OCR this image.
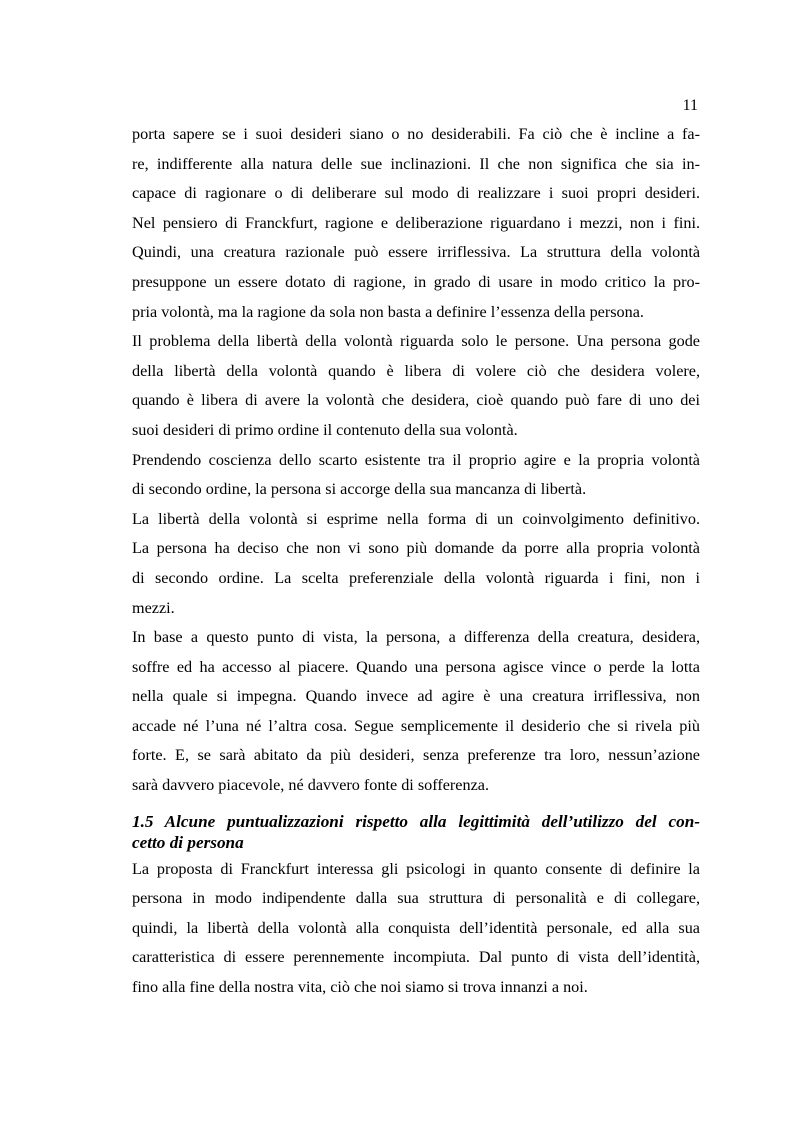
11

porta sapere se i suoi desideri siano o no desiderabili. Fa ciò che è incline a fa-
re, indifferente alla natura delle sue inclinazioni. Il che non significa che sia in-
capace di ragionare o di deliberare sul modo di realizzare i suoi propri desideri.
Nel pensiero di Franckfurt, ragione e deliberazione riguardano i mezzi, non i fini.
Quindi, una creatura razionale può essere irriflessiva. La struttura della volontà
presuppone un essere dotato di ragione, in grado di usare in modo critico la pro-
pria volontà, ma la ragione da sola non basta a definire l’essenza della persona.

Il problema della libertà della volontà riguarda solo le persone. Una persona gode
della libertà della volontà quando è libera di volere ciò che desidera volere,
quando è libera di avere la volontà che desidera, cioè quando può fare di uno dei
suoi desideri di primo ordine il contenuto della sua volontà.

Prendendo coscienza dello scarto esistente tra il proprio agire e la propria volontà
di secondo ordine, la persona si accorge della sua mancanza di libertà.

La libertà della volontà si esprime nella forma di un coinvolgimento definitivo.
La persona ha deciso che non vi sono più domande da porre alla propria volontà
di secondo ordine. La scelta preferenziale della volontà riguarda i fini, non i
mezzi.

In base a questo punto di vista, la persona, a differenza della creatura, desidera,
soffre ed ha accesso al piacere. Quando una persona agisce vince o perde la lotta
nella quale si impegna. Quando invece ad agire è una creatura irriflessiva, non
accade né l’una né l’altra cosa. Segue semplicemente il desiderio che si rivela più
forte. E, se sarà abitato da più desideri, senza preferenze tra loro, nessun’azione
sarà davvero piacevole, né davvero fonte di sofferenza.

1.5 Alcune puntualizzazioni rispetto alla legittimità dell’utilizzo del con-
cetto di persona

La proposta di Franckfurt interessa gli psicologi in quanto consente di definire la
persona in modo indipendente dalla sua struttura di personalità e di collegare,
quindi, la libertà della volontà alla conquista dell’identità personale, ed alla sua
caratteristica di essere perennemente incompiuta. Dal punto di vista dell’identità,
fino alla fine della nostra vita, ciò che noi siamo si trova innanzi a noi.
